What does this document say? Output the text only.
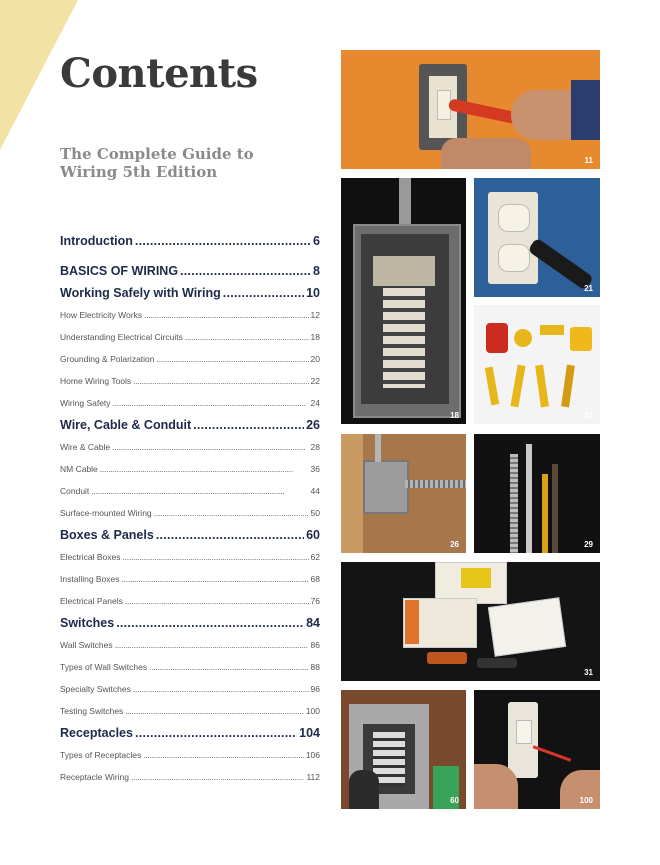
Contents
The Complete Guide to Wiring 5th Edition
Introduction . . .	6
BASICS OF WIRING . . .	8
Working Safely with Wiring . . .	10
How Electricity Works . . .	12
Understanding Electrical Circuits . . .	18
Grounding & Polarization . . .	20
Home Wiring Tools . . .	22
Wiring Safety . . .	24
Wire, Cable & Conduit . . .	26
Wire & Cable . . .	28
NM Cable . . .	36
Conduit . . .	44
Surface-mounted Wiring . . .	50
Boxes & Panels . . .	60
Electrical Boxes . . .	62
Installing Boxes . . .	68
Electrical Panels . . .	76
Switches . . .	84
Wall Switches . . .	86
Types of Wall Switches . . .	88
Specialty Switches . . .	96
Testing Switches . . .	100
Receptacles . . .	104
Types of Receptacles . . .	106
Receptacle Wiring . . .	112
11
18
21
22
26	29
31
60	100
